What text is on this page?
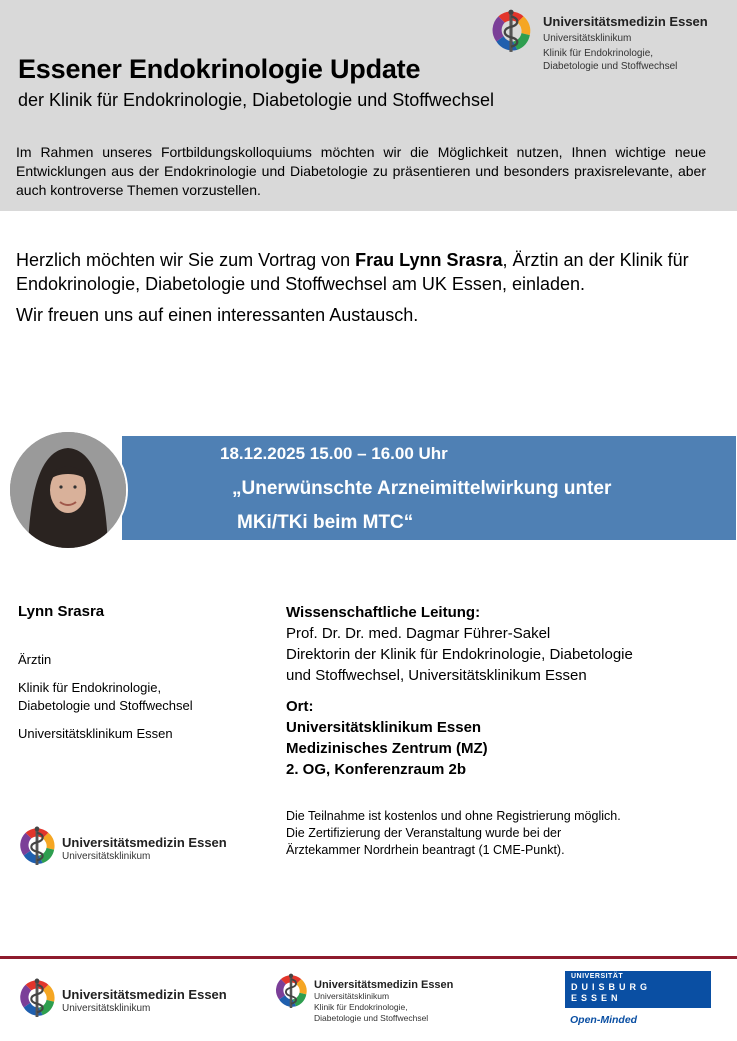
Universitätsmedizin Essen
Universitätsklinikum
Klinik für Endokrinologie,
Diabetologie und Stoffwechsel
Essener Endokrinologie Update
der Klinik für Endokrinologie, Diabetologie und Stoffwechsel
Im Rahmen unseres Fortbildungskolloquiums möchten wir die Möglichkeit nutzen, Ihnen wichtige neue Entwicklungen aus der Endokrinologie und Diabetologie zu präsentieren und besonders praxisrelevante, aber auch kontroverse Themen vorzustellen.

Herzlich möchten wir Sie zum Vortrag von Frau Lynn Srasra, Ärztin an der Klinik für Endokrinologie, Diabetologie und Stoffwechsel am UK Essen, einladen.

Wir freuen uns auf einen interessanten Austausch.

18.12.2025 15.00 – 16.00 Uhr
„Unerwünschte Arzneimittelwirkung unter
MKi/TKi beim MTC“
Lynn Srasra
Ärztin
Klinik für Endokrinologie,
Diabetologie und Stoffwechsel
Universitätsklinikum Essen
Universitätsmedizin Essen
Universitätsklinikum
Wissenschaftliche Leitung:
Prof. Dr. Dr. med. Dagmar Führer-Sakel
Direktorin der Klinik für Endokrinologie, Diabetologie
und Stoffwechsel, Universitätsklinikum Essen
Ort:
Universitätsklinikum Essen
Medizinisches Zentrum (MZ)
2. OG, Konferenzraum 2b
Die Teilnahme ist kostenlos und ohne Registrierung möglich.
Die Zertifizierung der Veranstaltung wurde bei der
Ärztekammer Nordrhein beantragt (1 CME-Punkt).
Universitätsmedizin Essen
Universitätsklinikum
Universitätsmedizin Essen
Universitätsklinikum
Klinik für Endokrinologie,
Diabetologie und Stoffwechsel
UNIVERSITÄT
DUISBURG
ESSEN
Open-Minded
